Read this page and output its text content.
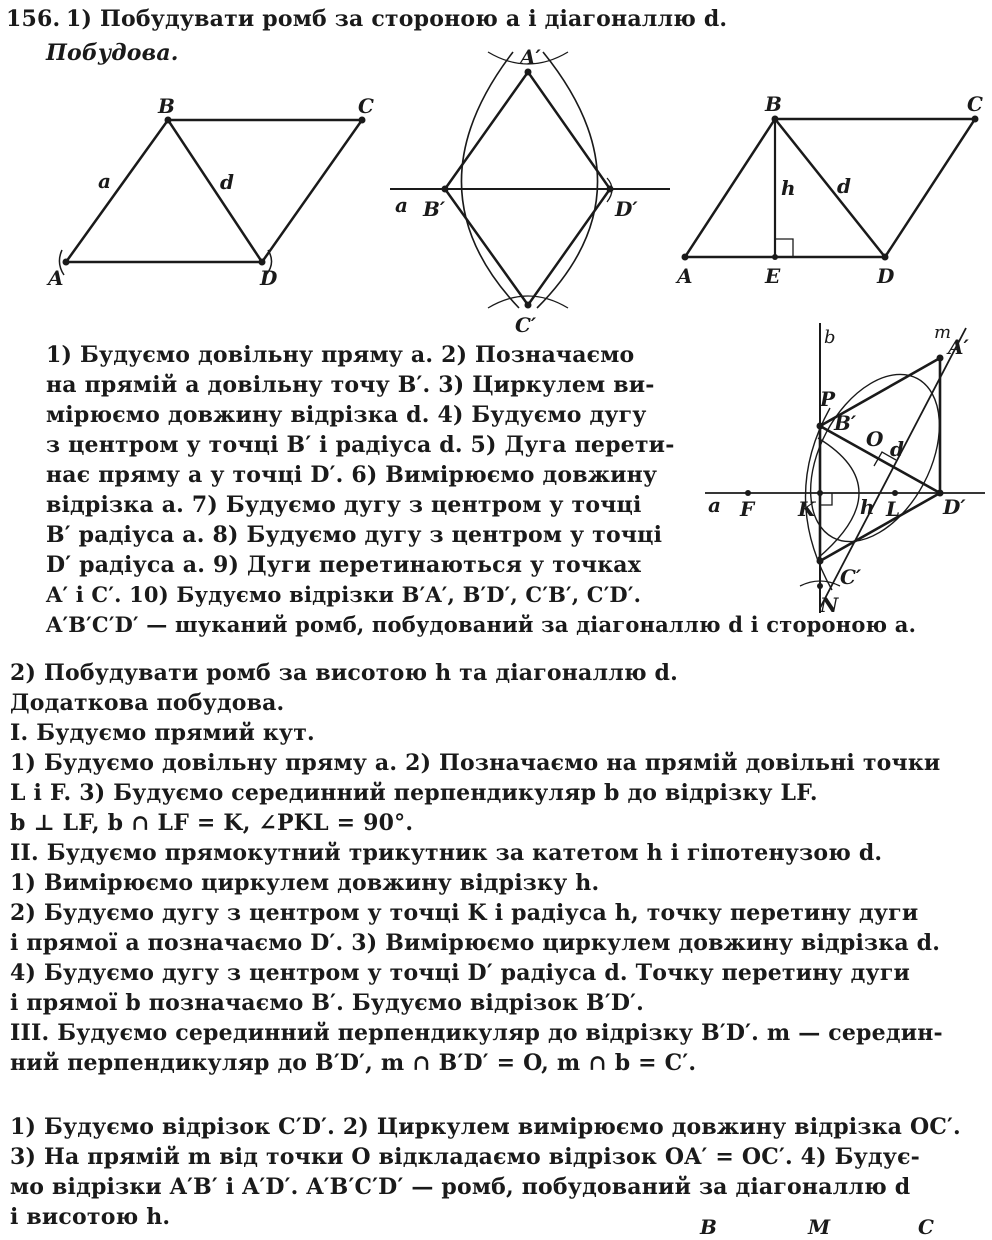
156. 1) Побудувати ромб за стороною a і діагоналлю d.
Побудова.
B	C
a	d
A	D
A′
a B′	D′
C′
B	C
h d
A	E	D
b	m
A′
P
B′
O d
a F K h L D′
C′
N
1) Будуємо довільну пряму a. 2) Позначаємо
на прямій a довільну точу B′. 3) Циркулем ви-
мірюємо довжину відрізка d. 4) Будуємо дугу
з центром у точці B′ і радіуса d. 5) Дуга перети-
нає пряму a у точці D′. 6) Вимірюємо довжину
відрізка a. 7) Будуємо дугу з центром у точці
B′ радіуса a. 8) Будуємо дугу з центром у точці
D′ радіуса a. 9) Дуги перетинаються у точках
A′ і C′. 10) Будуємо відрізки B′A′, B′D′, C′B′, C′D′.
A′B′C′D′ — шуканий ромб, побудований за діагоналлю d і стороною a.
2) Побудувати ромб за висотою h та діагоналлю d.
Додаткова побудова.
I. Будуємо прямий кут.
1) Будуємо довільну пряму a. 2) Позначаємо на прямій довільні точки
L і F. 3) Будуємо серединний перпендикуляр b до відрізку LF.
b ⊥ LF, b ∩ LF = K, ∠PKL = 90°.
II. Будуємо прямокутний трикутник за катетом h і гіпотенузою d.
1) Вимірюємо циркулем довжину відрізку h.
2) Будуємо дугу з центром у точці K і радіуса h, точку перетину дуги
і прямої a позначаємо D′. 3) Вимірюємо циркулем довжину відрізка d.
4) Будуємо дугу з центром у точці D′ радіуса d. Точку перетину дуги
і прямої b позначаємо B′. Будуємо відрізок B′D′.
III. Будуємо серединний перпендикуляр до відрізку B′D′. m — середин-
ний перпендикуляр до B′D′, m ∩ B′D′ = O, m ∩ b = C′.
1) Будуємо відрізок C′D′. 2) Циркулем вимірюємо довжину відрізка OC′.
3) На прямій m від точки O відкладаємо відрізок OA′ = OC′. 4) Будує-
мо відрізки A′B′ і A′D′. A′B′C′D′ — ромб, побудований за діагоналлю d
і висотою h.	B	M	C
